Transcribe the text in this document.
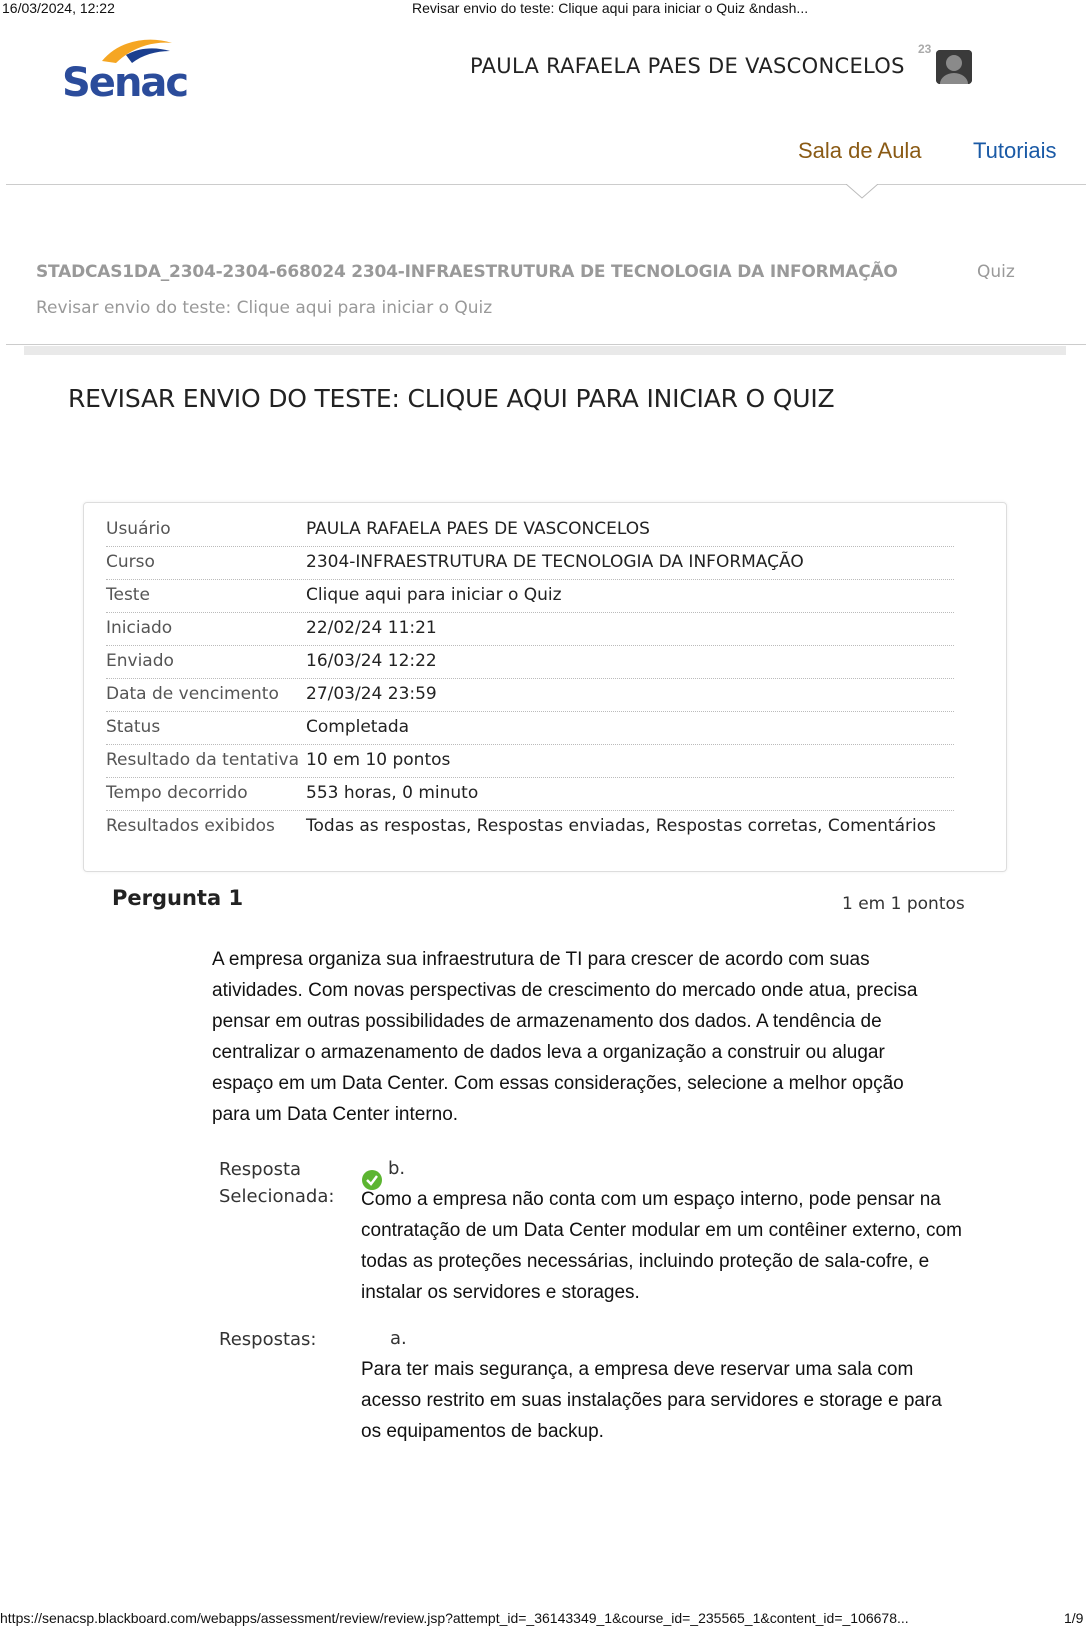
16/03/2024, 12:22	Revisar envio do teste: Clique aqui para iniciar o Quiz &ndash...
Senac	PAULA RAFAELA PAES DE VASCONCELOS
23
Sala de Aula Tutoriais
STADCAS1DA_2304-2304-668024 2304-INFRAESTRUTURA DE TECNOLOGIA DA INFORMAÇÃO	Quiz
Revisar envio do teste: Clique aqui para iniciar o Quiz
REVISAR ENVIO DO TESTE: CLIQUE AQUI PARA INICIAR O QUIZ
Usuário	PAULA RAFAELA PAES DE VASCONCELOS
Curso	2304-INFRAESTRUTURA DE TECNOLOGIA DA INFORMAÇÃO
Teste	Clique aqui para iniciar o Quiz
Iniciado	22/02/24 11:21
Enviado	16/03/24 12:22
Data de vencimento 27/03/24 23:59
Status	Completada
Resultado da tentativa 10 em 10 pontos
Tempo decorrido	553 horas, 0 minuto
Resultados exibidos Todas as respostas, Respostas enviadas, Respostas corretas, Comentários
Pergunta 1	1 em 1 pontos
A empresa organiza sua infraestrutura de TI para crescer de acordo com suas atividades. Com novas perspectivas de crescimento do mercado onde atua, precisa pensar em outras possibilidades de armazenamento dos dados. A tendência de centralizar o armazenamento de dados leva a organização a construir ou alugar espaço em um Data Center. Com essas considerações, selecione a melhor opção para um Data Center interno.
Resposta
Selecionada:
b.
Como a empresa não conta com um espaço interno, pode pensar na contratação de um Data Center modular em um contêiner externo, com todas as proteções necessárias, incluindo proteção de sala-cofre, e instalar os servidores e storages.
Respostas:	a.
Para ter mais segurança, a empresa deve reservar uma sala com acesso restrito em suas instalações para servidores e storage e para os equipamentos de backup.
https://senacsp.blackboard.com/webapps/assessment/review/review.jsp?attempt_id=_36143349_1&course_id=_235565_1&content_id=_106678...	1/9
